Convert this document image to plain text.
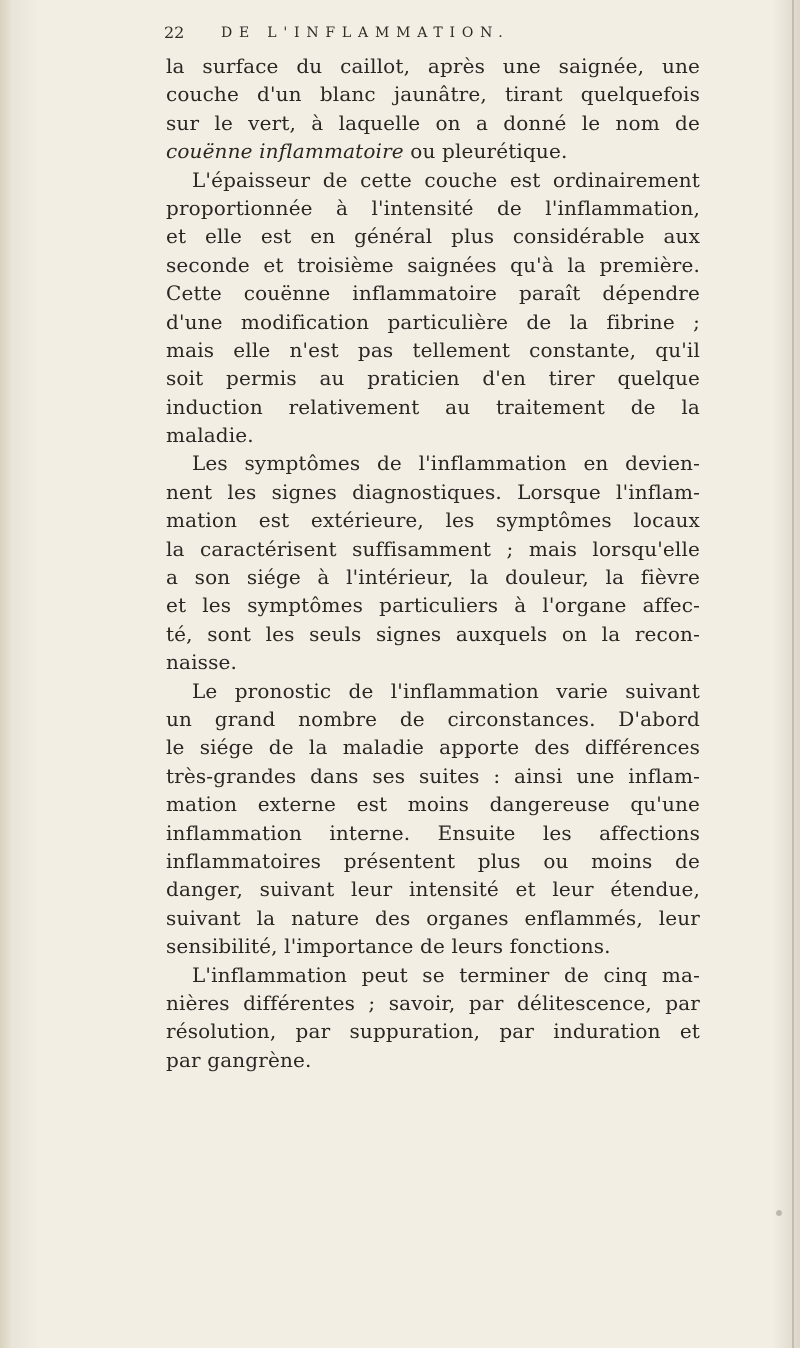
22	DE L'INFLAMMATION.
la surface du caillot, après une saignée, une
couche d'un blanc jaunâtre, tirant quelquefois
sur le vert, à laquelle on a donné le nom de
couënne inflammatoire ou pleurétique.
L'épaisseur de cette couche est ordinairement
proportionnée à l'intensité de l'inflammation,
et elle est en général plus considérable aux
seconde et troisième saignées qu'à la première.
Cette couënne inflammatoire paraît dépendre
d'une modification particulière de la fibrine ;
mais elle n'est pas tellement constante, qu'il
soit permis au praticien d'en tirer quelque
induction relativement au traitement de la
maladie.
Les symptômes de l'inflammation en devien-
nent les signes diagnostiques. Lorsque l'inflam-
mation est extérieure, les symptômes locaux
la caractérisent suffisamment ; mais lorsqu'elle
a son siége à l'intérieur, la douleur, la fièvre
et les symptômes particuliers à l'organe affec-
té, sont les seuls signes auxquels on la recon-
naisse.
Le pronostic de l'inflammation varie suivant
un grand nombre de circonstances. D'abord
le siége de la maladie apporte des différences
très-grandes dans ses suites : ainsi une inflam-
mation externe est moins dangereuse qu'une
inflammation interne. Ensuite les affections
inflammatoires présentent plus ou moins de
danger, suivant leur intensité et leur étendue,
suivant la nature des organes enflammés, leur
sensibilité, l'importance de leurs fonctions.
L'inflammation peut se terminer de cinq ma-
nières différentes ; savoir, par délitescence, par
résolution, par suppuration, par induration et
par gangrène.
